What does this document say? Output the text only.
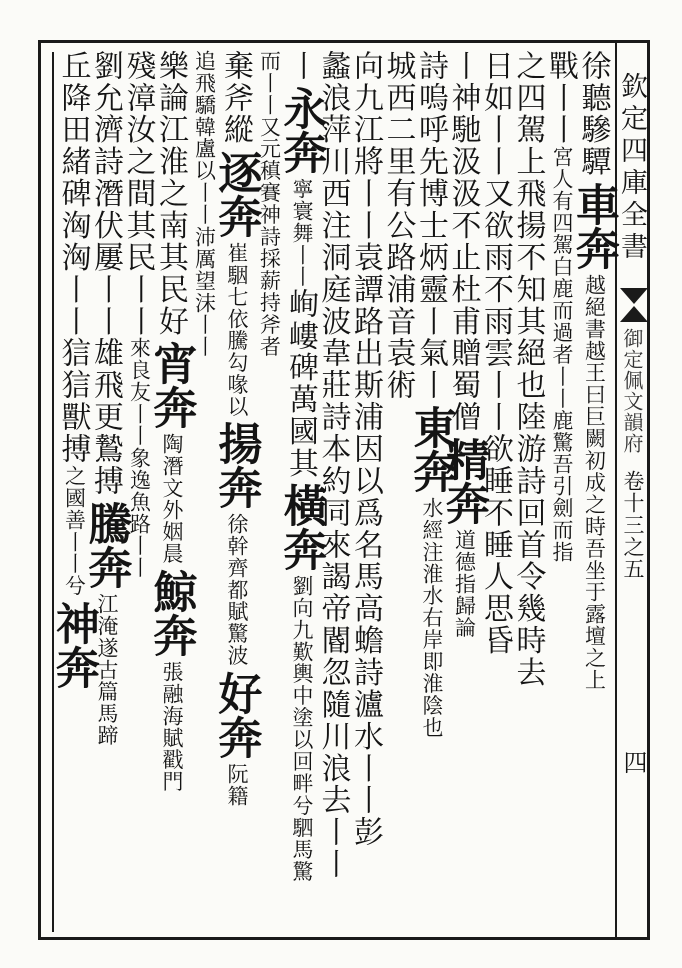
欽定四庫全書
御定佩文韻府
卷十三之五
四
徐聽驂驔
車奔
越絕書越王曰巨闕初成之時吾坐于露壇之上
戰丨丨
宮人有四駕白鹿而過者丨丨鹿驚吾引劍而指
之四駕上飛揚不知其絕也陸游詩回首令幾時去
日如丨丨又欲雨不雨雲丨丨欲睡不睡人思昏
丨神馳汲汲不止杜甫贈蜀僧
精奔
道德指歸論
詩嗚呼先博士炳靈丨氣丨
東奔
水經注淮水右岸即淮陰也
城西二里有公路浦音袁術
向九江將丨丨袁譚路出斯浦因以爲名馬高蟾詩瀘水丨丨彭
蠡浪萍川西注洞庭波韋莊詩本約同來謁帝閽忽隨川浪去丨丨
丨
永奔
寧寰舞丨丨
峋嶁碑萬國其
橫奔
劉向九歎輿中塗以回畔兮駟馬驚
而丨丨又元稹賽神詩採薪持斧者
棄斧縱
逐奔
崔駰七依騰勾喙以
揚奔
徐幹齊都賦驚波
好奔
阮籍
追飛驕韓盧以丨丨
沛厲望沫丨丨
樂論江淮之南其民好
宵奔
陶潛文外姻晨
鯨奔
張融海賦戳門
殘漳汝之間其民丨丨
來良友丨丨
象逸魚路丨丨
劉允濟詩潛伏屢丨丨雄飛更鷙搏
騰奔
江淹遂古篇馬蹄
丘降田緒碑洶洶丨丨狺狺獸搏
之國善丨丨兮
神奔
